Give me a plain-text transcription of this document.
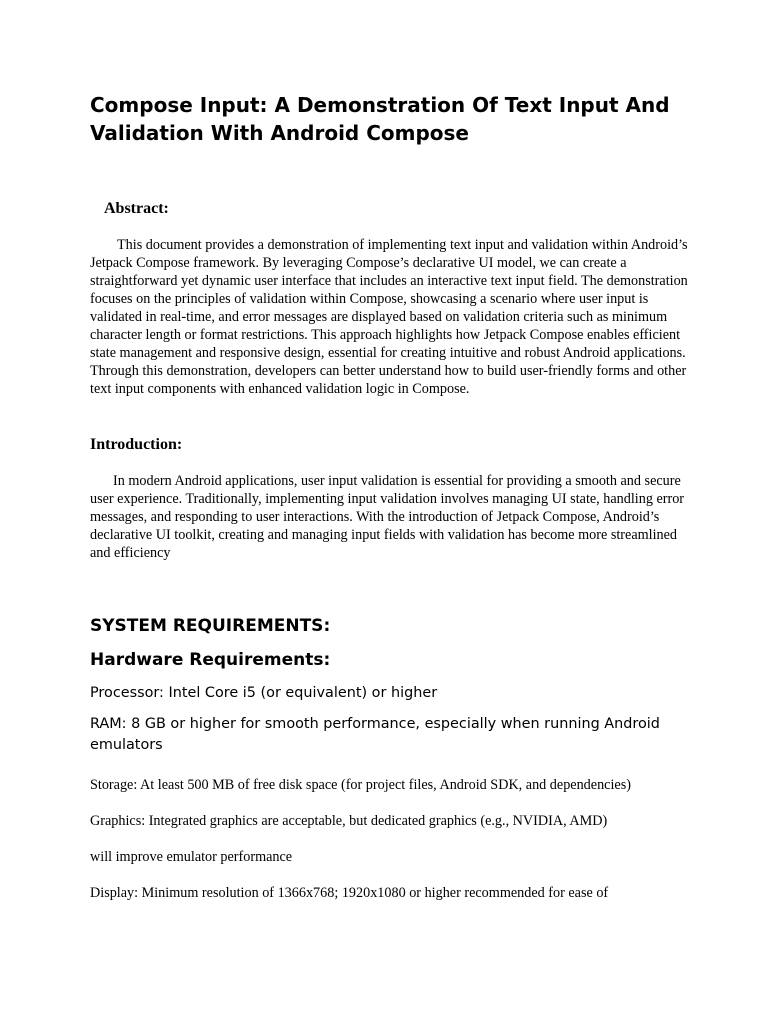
Compose Input: A Demonstration Of Text Input And Validation With Android Compose
Abstract:

This document provides a demonstration of implementing text input and validation within Android’s Jetpack Compose framework. By leveraging Compose’s declarative UI model, we can create a straightforward yet dynamic user interface that includes an interactive text input field. The demonstration focuses on the principles of validation within Compose, showcasing a scenario where user input is validated in real-time, and error messages are displayed based on validation criteria such as minimum character length or format restrictions. This approach highlights how Jetpack Compose enables efficient state management and responsive design, essential for creating intuitive and robust Android applications. Through this demonstration, developers can better understand how to build user-friendly forms and other text input components with enhanced validation logic in Compose.

Introduction:

In modern Android applications, user input validation is essential for providing a smooth and secure user experience. Traditionally, implementing input validation involves managing UI state, handling error messages, and responding to user interactions. With the introduction of Jetpack Compose, Android’s declarative UI toolkit, creating and managing input fields with validation has become more streamlined and efficiency

SYSTEM REQUIREMENTS:
Hardware Requirements:

Processor: Intel Core i5 (or equivalent) or higher

RAM: 8 GB or higher for smooth performance, especially when running Android emulators

Storage: At least 500 MB of free disk space (for project files, Android SDK, and dependencies)

Graphics: Integrated graphics are acceptable, but dedicated graphics (e.g., NVIDIA, AMD)

will improve emulator performance

Display: Minimum resolution of 1366x768; 1920x1080 or higher recommended for ease of
